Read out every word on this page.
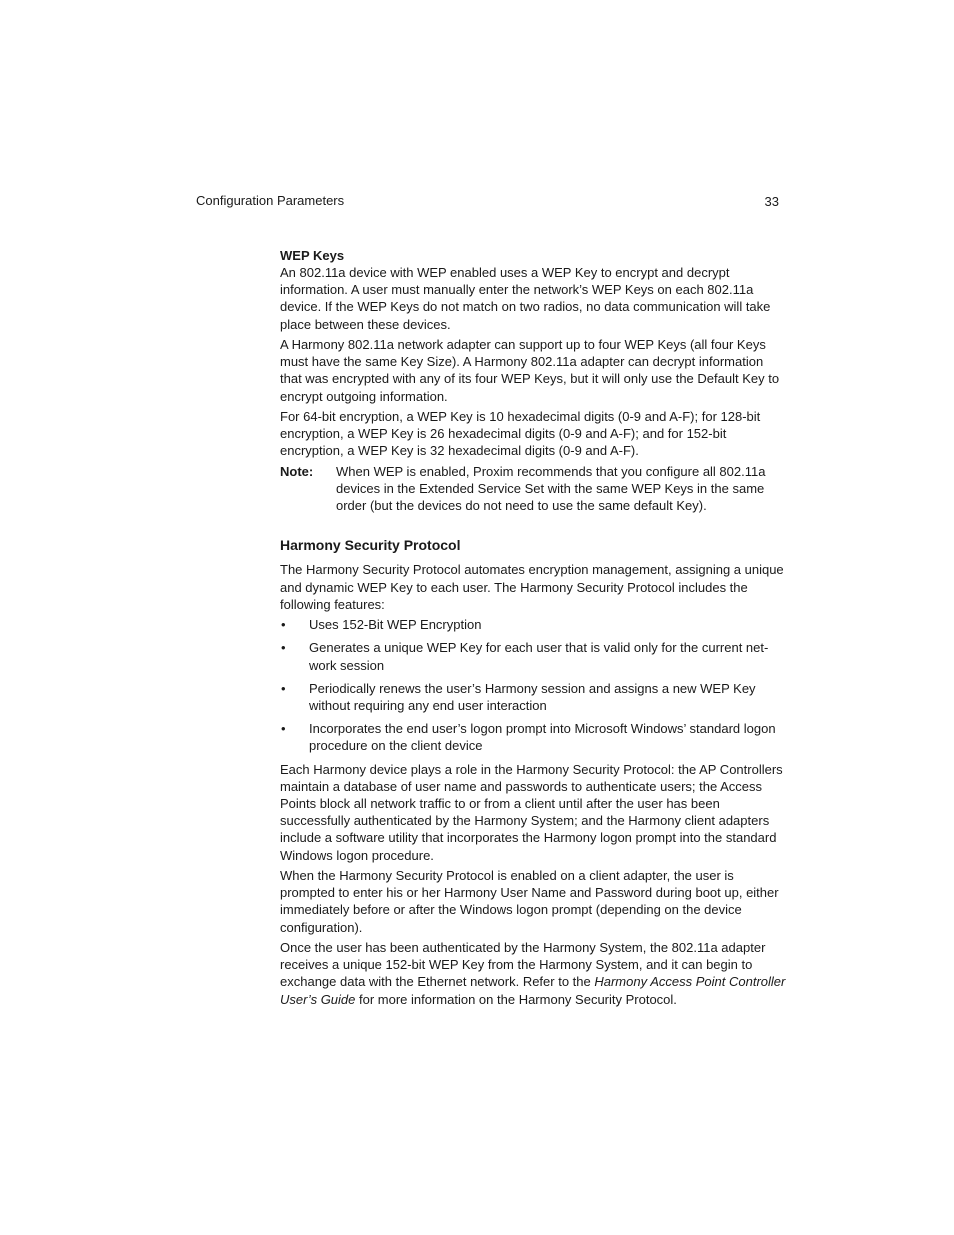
Configuration Parameters	33
WEP Keys

An 802.11a device with WEP enabled uses a WEP Key to encrypt and decrypt information. A user must manually enter the network’s WEP Keys on each 802.11a device. If the WEP Keys do not match on two radios, no data communication will take place between these devices.

A Harmony 802.11a network adapter can support up to four WEP Keys (all four Keys must have the same Key Size). A Harmony 802.11a adapter can decrypt information that was encrypted with any of its four WEP Keys, but it will only use the Default Key to encrypt outgoing information.

For 64-bit encryption, a WEP Key is 10 hexadecimal digits (0-9 and A-F); for 128-bit encryption, a WEP Key is 26 hexadecimal digits (0-9 and A-F); and for 152-bit encryption, a WEP Key is 32 hexadecimal digits (0-9 and A-F).

Note:	When WEP is enabled, Proxim recommends that you configure all 802.11a devices in the Extended Service Set with the same WEP Keys in the same order (but the devices do not need to use the same default Key).
Harmony Security Protocol

The Harmony Security Protocol automates encryption management, assigning a unique and dynamic WEP Key to each user. The Harmony Security Protocol includes the following features:

•	Uses 152-Bit WEP Encryption
•	Generates a unique WEP Key for each user that is valid only for the current net-work session
•	Periodically renews the user’s Harmony session and assigns a new WEP Key without requiring any end user interaction
•	Incorporates the end user’s logon prompt into Microsoft Windows’ standard logon procedure on the client device

Each Harmony device plays a role in the Harmony Security Protocol: the AP Controllers maintain a database of user name and passwords to authenticate users; the Access Points block all network traffic to or from a client until after the user has been successfully authenticated by the Harmony System; and the Harmony client adapters include a software utility that incorporates the Harmony logon prompt into the standard Windows logon procedure.

When the Harmony Security Protocol is enabled on a client adapter, the user is prompted to enter his or her Harmony User Name and Password during boot up, either immediately before or after the Windows logon prompt (depending on the device configuration).

Once the user has been authenticated by the Harmony System, the 802.11a adapter receives a unique 152-bit WEP Key from the Harmony System, and it can begin to exchange data with the Ethernet network. Refer to the Harmony Access Point Controller User’s Guide for more information on the Harmony Security Protocol.
